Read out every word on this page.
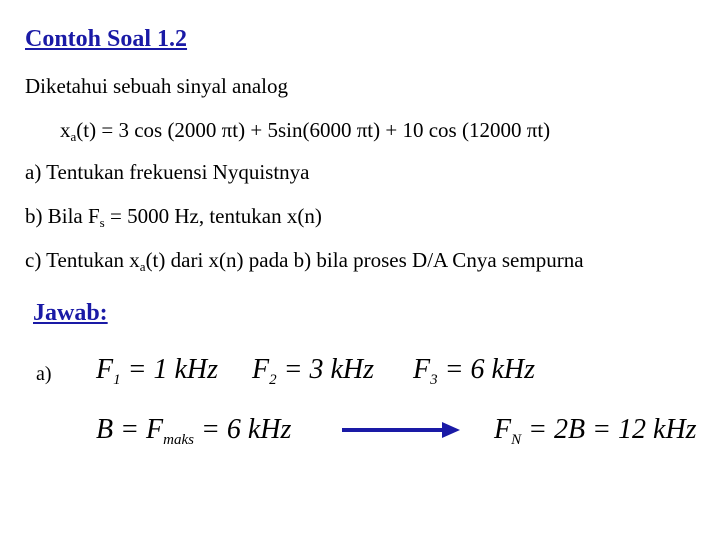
Contoh Soal 1.2
Diketahui sebuah sinyal analog
$x_a(t) = 3$ cos (2000 πt) + 5sin(6000 πt) + 10 cos (12000 πt)
a) Tentukan frekuensi Nyquistnya
b) Bila $F_s = 5000$ Hz, tentukan x(n)
c) Tentukan $x_a(t)$ dari x(n) pada b) bila proses D/A Cnya sempurna
Jawab:
a) $F_1 = 1$ kHz $F_2 = 3$ kHz $F_3 = 6$ kHz
$B = F_{maks} = 6$ kHz	$F_N = 2B = 12$ kHz
